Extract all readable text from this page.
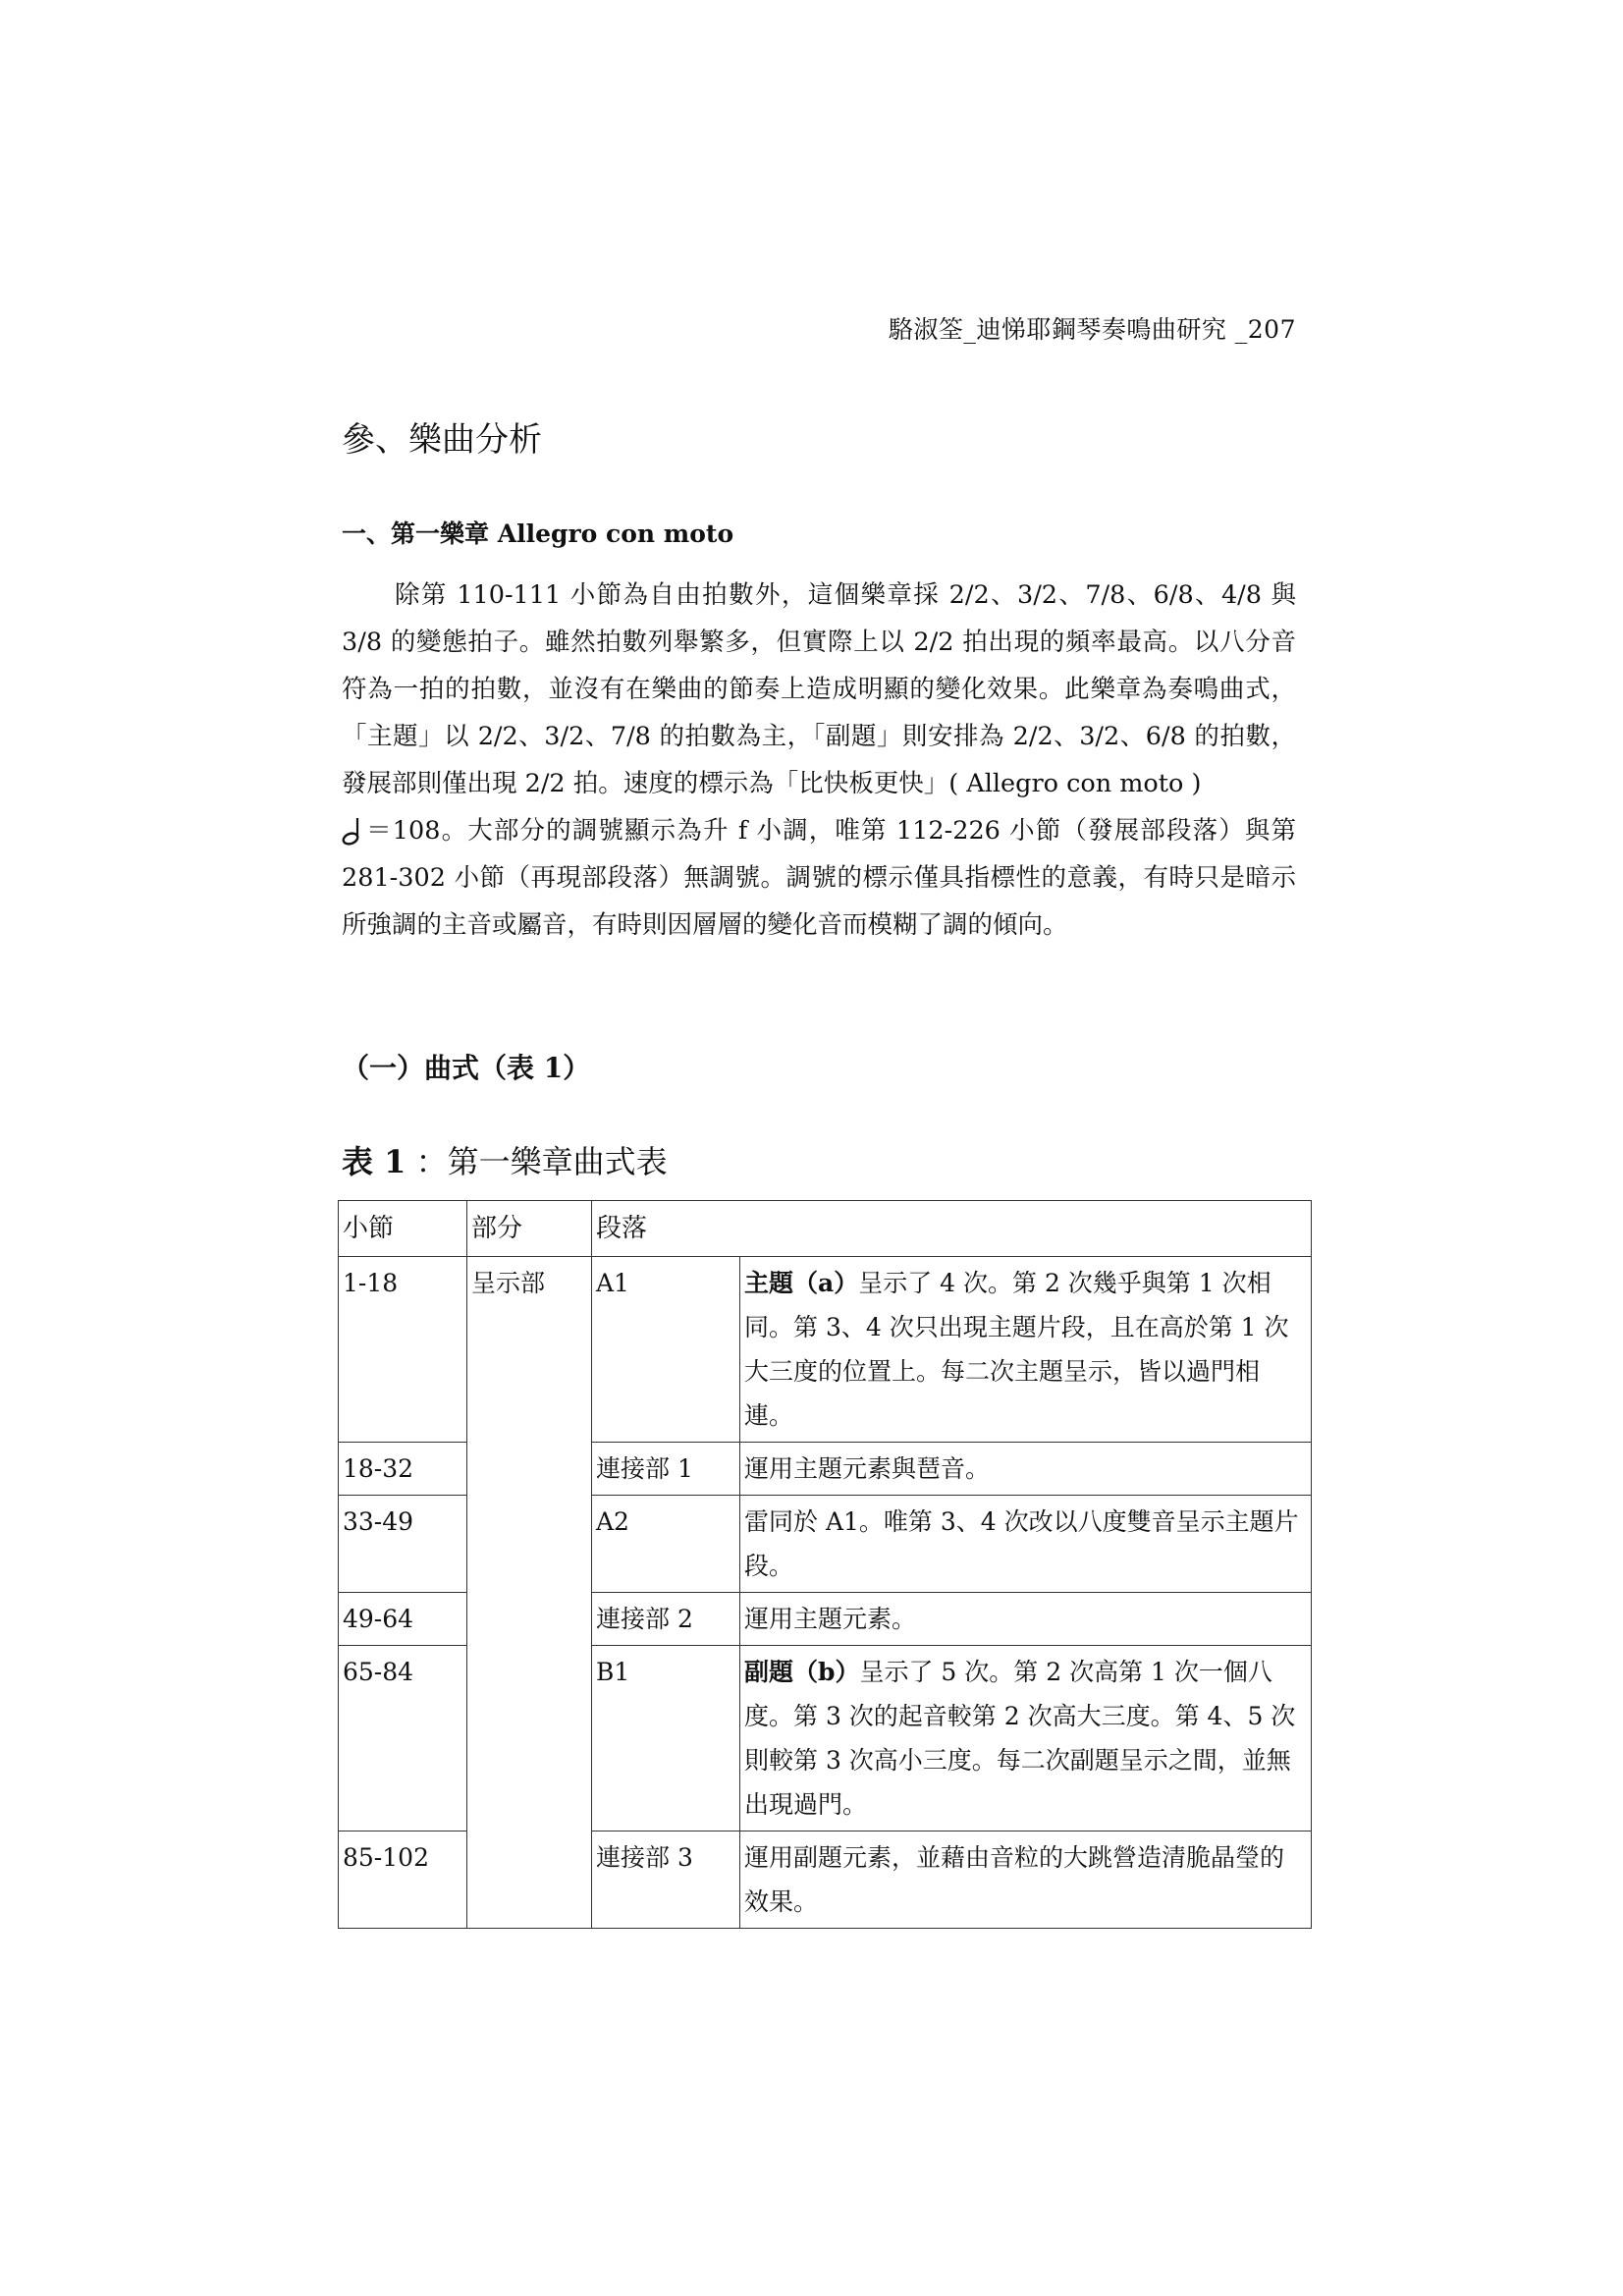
駱淑筌_迪悌耶鋼琴奏鳴曲研究 _207
參、樂曲分析
一、第一樂章 Allegro con moto

除第 110-111 小節為自由拍數外，這個樂章採 2/2、3/2、7/8、6/8、4/8 與 3/8 的變態拍子。雖然拍數列舉繁多，但實際上以 2/2 拍出現的頻率最高。以八分音符為一拍的拍數，並沒有在樂曲的節奏上造成明顯的變化效果。此樂章為奏鳴曲式，「主題」以 2/2、3/2、7/8 的拍數為主，「副題」則安排為 2/2、3/2、6/8 的拍數，發展部則僅出現 2/2 拍。速度的標示為「比快板更快」( Allegro con moto )
＝108。大部分的調號顯示為升 f 小調，唯第 112-226 小節（發展部段落）與第 281-302 小節（再現部段落）無調號。調號的標示僅具指標性的意義，有時只是暗示所強調的主音或屬音，有時則因層層的變化音而模糊了調的傾向。

（一）曲式（表 1）
表 1 ：第一樂章曲式表
小節	部分	段落	
1-18	呈示部	A1	主題（a）呈示了 4 次。第 2 次幾乎與第 1 次相同。第 3、4 次只出現主題片段，且在高於第 1 次大三度的位置上。每二次主題呈示，皆以過門相連。
18-32		連接部 1	運用主題元素與琶音。
33-49		A2	雷同於 A1。唯第 3、4 次改以八度雙音呈示主題片段。
49-64		連接部 2	運用主題元素。
65-84		B1	副題（b）呈示了 5 次。第 2 次高第 1 次一個八度。第 3 次的起音較第 2 次高大三度。第 4、5 次則較第 3 次高小三度。每二次副題呈示之間，並無出現過門。
85-102		連接部 3	運用副題元素，並藉由音粒的大跳營造清脆晶瑩的效果。
